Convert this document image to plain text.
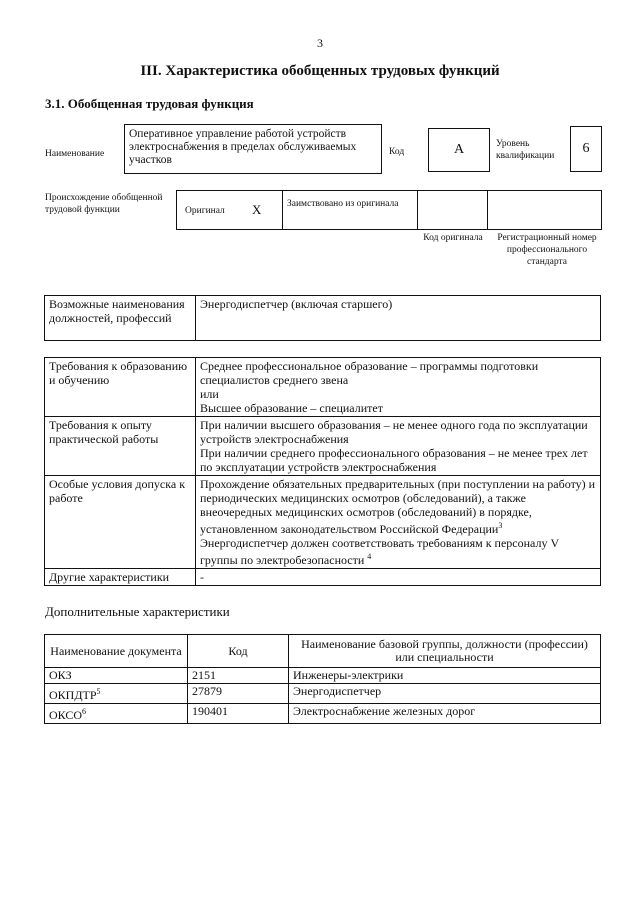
3
III. Характеристика обобщенных трудовых функций
3.1. Обобщенная трудовая функция
Наименование
Оперативное управление работой устройств электроснабжения в пределах обслуживаемых участков
Код	А	Уровень квалификации	6
Происхождение обобщенной трудовой функции	Оригинал Х	Заимствовано из оригинала
Код оригинала	Регистрационный номер профессионального стандарта
Возможные наименования должностей, профессий	Энергодиспетчер (включая старшего)
Требования к образованию и обучению	Среднее профессиональное образование – программы подготовки специалистов среднего звена
или
Высшее образование – специалитет

Требования к опыту практической работы	При наличии высшего образования – не менее одного года по эксплуатации устройств электроснабжения
При наличии среднего профессионального образования – не менее трех лет по эксплуатации устройств электроснабжения

Особые условия допуска к работе	Прохождение обязательных предварительных (при поступлении на работу) и периодических медицинских осмотров (обследований), а также внеочередных медицинских осмотров (обследований) в порядке, установленном законодательством Российской Федерации$^3$
Энергодиспетчер должен соответствовать требованиям к персоналу V группы по электробезопасности $^4$

Другие характеристики	-
Дополнительные характеристики
Наименование документа	Код	Наименование базовой группы, должности (профессии) или специальности
ОКЗ	2151	Инженеры-электрики
ОКПДТР$^5$	27879	Энергодиспетчер
ОКСО$^6$	190401	Электроснабжение железных дорог
